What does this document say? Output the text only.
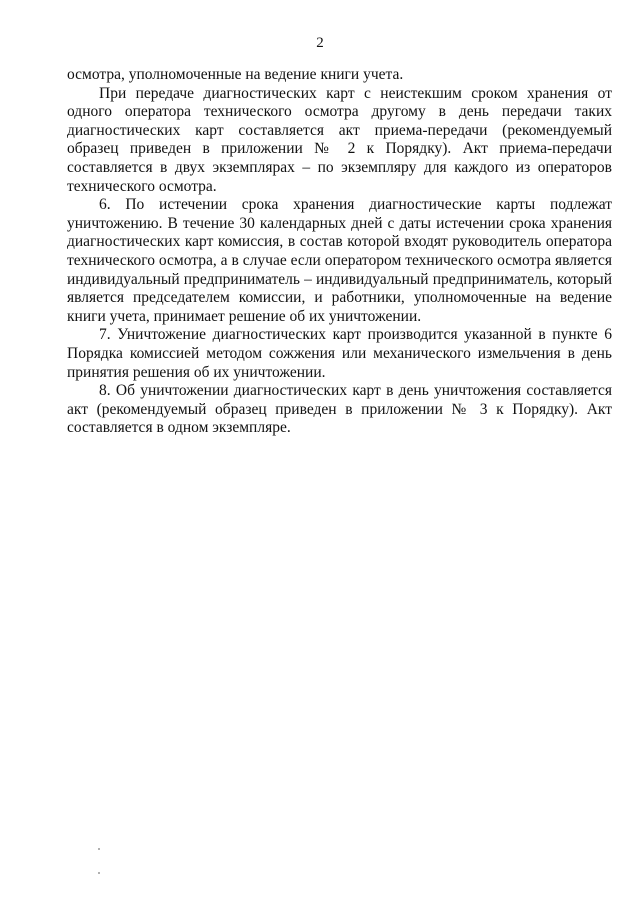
2

осмотра, уполномоченные на ведение книги учета.

При передаче диагностических карт с неистекшим сроком хранения от одного оператора технического осмотра другому в день передачи таких диагностических карт составляется акт приема-передачи (рекомендуемый образец приведен в приложении № 2 к Порядку). Акт приема-передачи составляется в двух экземплярах – по экземпляру для каждого из операторов технического осмотра.

6. По истечении срока хранения диагностические карты подлежат уничтожению. В течение 30 календарных дней с даты истечении срока хранения диагностических карт комиссия, в состав которой входят руководитель оператора технического осмотра, а в случае если оператором технического осмотра является индивидуальный предприниматель – индивидуальный предприниматель, который является председателем комиссии, и работники, уполномоченные на ведение книги учета, принимает решение об их уничтожении.

7. Уничтожение диагностических карт производится указанной в пункте 6 Порядка комиссией методом сожжения или механического измельчения в день принятия решения об их уничтожении.

8. Об уничтожении диагностических карт в день уничтожения составляется акт (рекомендуемый образец приведен в приложении № 3 к Порядку). Акт составляется в одном экземпляре.
